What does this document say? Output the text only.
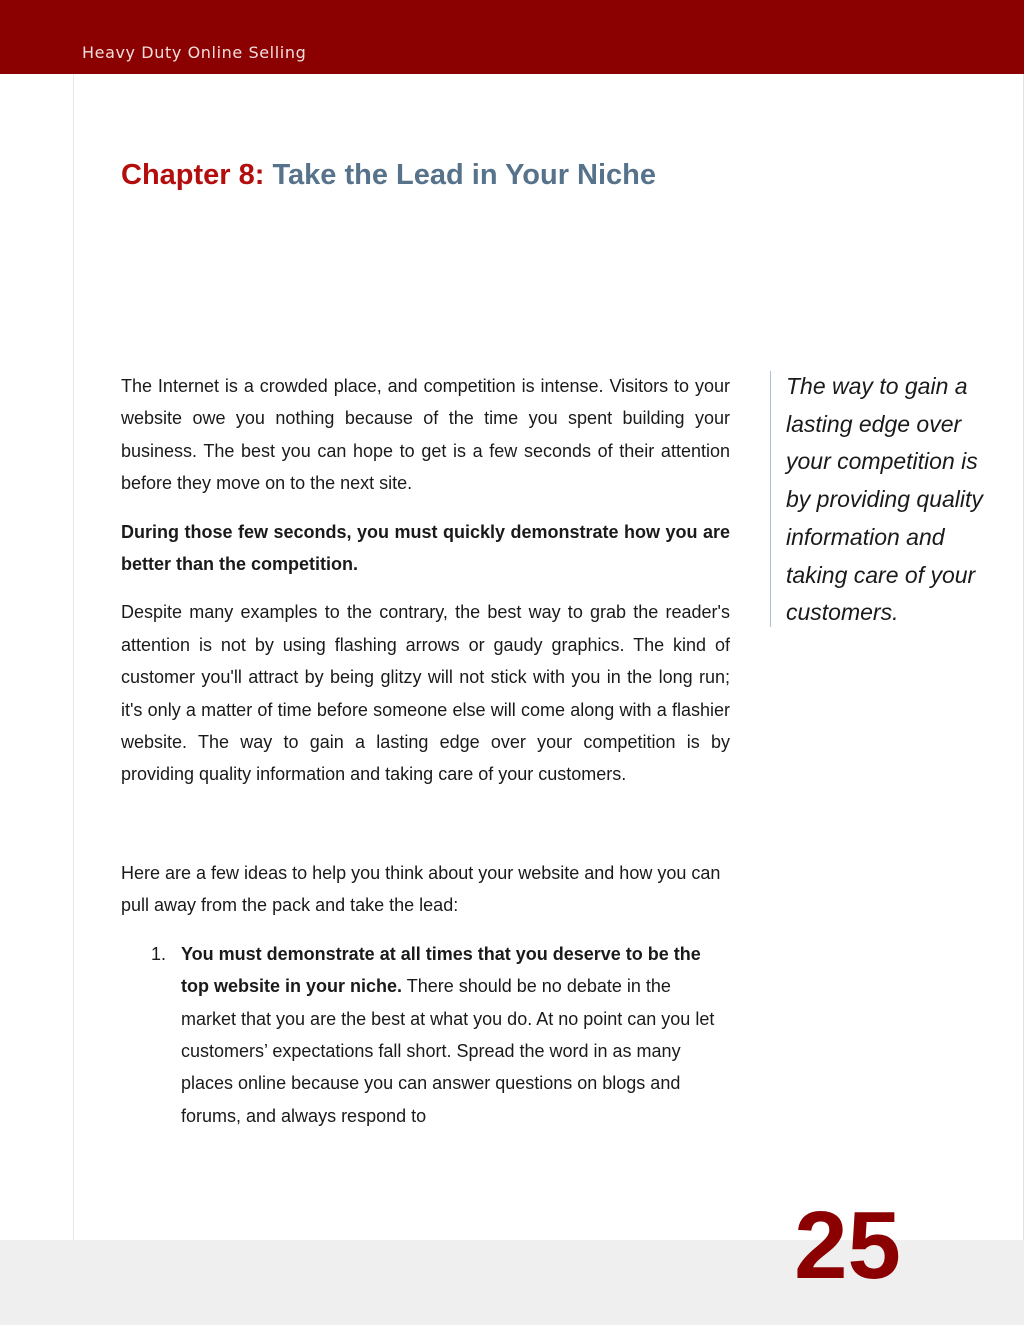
Heavy Duty Online Selling
Chapter 8: Take the Lead in Your Niche

The Internet is a crowded place, and competition is intense. Visitors to your website owe you nothing because of the time you spent building your business. The best you can hope to get is a few seconds of their attention before they move on to the next site.

During those few seconds, you must quickly demonstrate how you are better than the competition.

Despite many examples to the contrary, the best way to grab the reader's attention is not by using flashing arrows or gaudy graphics. The kind of customer you'll attract by being glitzy will not stick with you in the long run; it's only a matter of time before someone else will come along with a flashier website. The way to gain a lasting edge over your competition is by providing quality information and taking care of your customers.

Here are a few ideas to help you think about your website and how you can pull away from the pack and take the lead:

1. You must demonstrate at all times that you deserve to be the top website in your niche. There should be no debate in the market that you are the best at what you do. At no point can you let customers’ expectations fall short. Spread the word in as many places online because you can answer questions on blogs and forums, and always respond to

The way to gain a lasting edge over your competition is by providing quality information and taking care of your customers.

25
